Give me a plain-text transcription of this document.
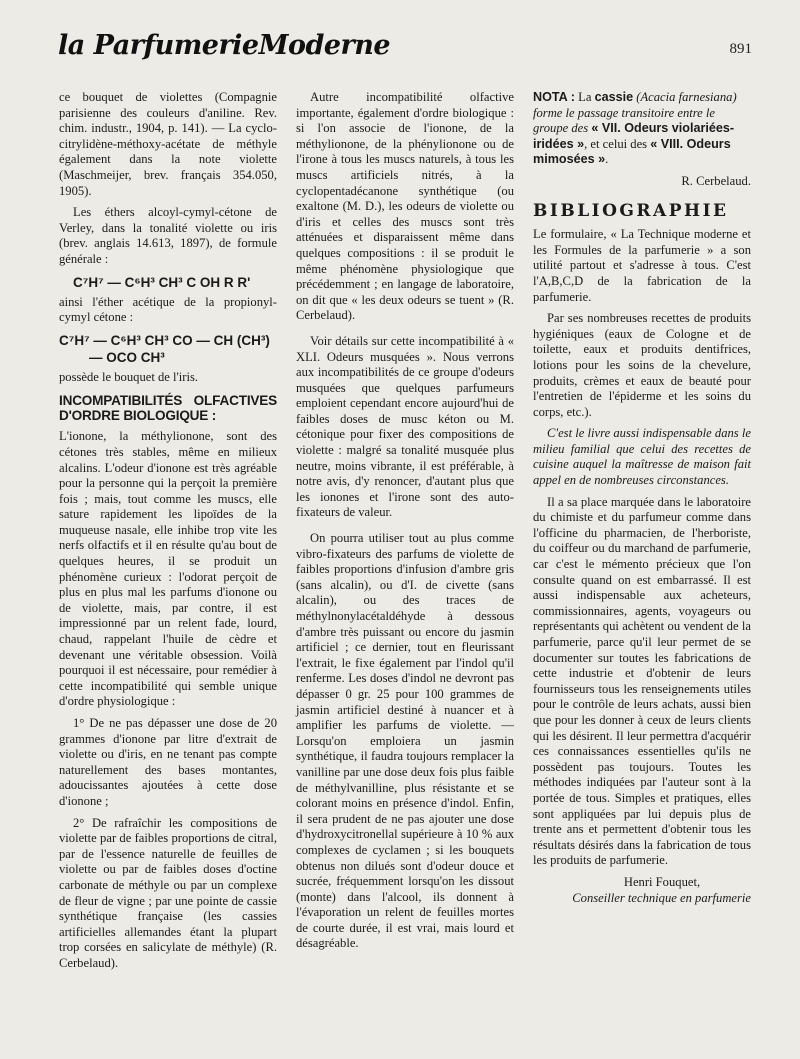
la ParfumerieModerne	891

ce bouquet de violettes (Compagnie parisienne des couleurs d'aniline. Rev. chim. industr., 1904, p. 141). — La cyclo-citrylidène-méthoxy-acétate de méthyle également dans la note violette (Maschmeijer, brev. français 354.050, 1905).

Les éthers alcoyl-cymyl-cétone de Verley, dans la tonalité violette ou iris (brev. anglais 14.613, 1897), de formule générale :

C⁷H⁷ — C⁶H³ CH³ C OH R R'

ainsi l'éther acétique de la propionyl-cymyl cétone :

C⁷H⁷ — C⁶H³ CH³ CO — CH (CH³)
— OCO CH³

possède le bouquet de l'iris.

INCOMPATIBILITÉS OLFACTIVES D'ORDRE BIOLOGIQUE :

L'ionone, la méthylionone, sont des cétones très stables, même en milieux alcalins. L'odeur d'ionone est très agréable pour la personne qui la perçoit la première fois ; mais, tout comme les muscs, elle sature rapidement les lipoïdes de la muqueuse nasale, elle inhibe trop vite les nerfs olfactifs et il en résulte qu'au bout de quelques heures, il se produit un phénomène curieux : l'odorat perçoit de plus en plus mal les parfums d'ionone ou de violette, mais, par contre, il est impressionné par un relent fade, lourd, chaud, rappelant l'huile de cèdre et devenant une véritable obsession. Voilà pourquoi il est nécessaire, pour remédier à cette incompatibilité qui semble unique d'ordre physiologique :

1° De ne pas dépasser une dose de 20 grammes d'ionone par litre d'extrait de violette ou d'iris, en ne tenant pas compte naturellement des bases montantes, adoucissantes ajoutées à cette dose d'ionone ;

2° De rafraîchir les compositions de violette par de faibles proportions de citral, par de l'essence naturelle de feuilles de violette ou par de faibles doses d'octine carbonate de méthyle ou par un complexe de fleur de vigne ; par une pointe de cassie synthétique française (les cassies artificielles allemandes étant la plupart trop corsées en salicylate de méthyle) (R. Cerbelaud).

Autre incompatibilité olfactive importante, également d'ordre biologique : si l'on associe de l'ionone, de la méthylionone, de la phénylionone ou de l'irone à tous les muscs naturels, à tous les muscs artificiels nitrés, à la cyclopentadécanone synthétique (ou exaltone (M. D.), les odeurs de violette ou d'iris et celles des muscs sont très atténuées et disparaissent même dans quelques compositions : il se produit le même phénomène physiologique que précédemment ; en langage de laboratoire, on dit que « les deux odeurs se tuent » (R. Cerbelaud).

Voir détails sur cette incompatibilité à « XLI. Odeurs musquées ». Nous verrons aux incompatibilités de ce groupe d'odeurs musquées que quelques parfumeurs emploient cependant encore aujourd'hui de faibles doses de musc kéton ou M. cétonique pour fixer des compositions de violette : malgré sa tonalité musquée plus neutre, moins vibrante, il est préférable, à notre avis, d'y renoncer, d'autant plus que les ionones et l'irone sont des auto-fixateurs de valeur.

On pourra utiliser tout au plus comme vibro-fixateurs des parfums de violette de faibles proportions d'infusion d'ambre gris (sans alcalin), ou d'I. de civette (sans alcalin), ou des traces de méthylnonylacétaldéhyde à dessous d'ambre très puissant ou encore du jasmin artificiel ; ce dernier, tout en fleurissant l'extrait, le fixe également par l'indol qu'il renferme. Les doses d'indol ne devront pas dépasser 0 gr. 25 pour 100 grammes de jasmin artificiel destiné à nuancer et à amplifier les parfums de violette. — Lorsqu'on emploiera un jasmin synthétique, il faudra toujours remplacer la vanilline par une dose deux fois plus faible de méthylvanilline, plus résistante et se colorant moins en présence d'indol. Enfin, il sera prudent de ne pas ajouter une dose d'hydroxycitronellal supérieure à 10 % aux complexes de cyclamen ; si les bouquets obtenus non dilués sont d'odeur douce et sucrée, fréquemment lorsqu'on les dissout (monte) dans l'alcool, ils donnent à l'évaporation un relent de feuilles mortes de courte durée, il est vrai, mais lourd et désagréable.

NOTA : La cassie (Acacia farnesiana) forme le passage transitoire entre le groupe des « VII. Odeurs violariées-iridées », et celui des « VIII. Odeurs mimosées ».

R. Cerbelaud.

BIBLIOGRAPHIE

Le formulaire, « La Technique moderne et les Formules de la parfumerie » a son utilité partout et s'adresse à tous. C'est l'A,B,C,D de la fabrication de la parfumerie.

Par ses nombreuses recettes de produits hygiéniques (eaux de Cologne et de toilette, eaux et produits dentifrices, lotions pour les soins de la chevelure, produits, crèmes et eaux de beauté pour l'entretien de l'épiderme et les soins du corps, etc.).

C'est le livre aussi indispensable dans le milieu familial que celui des recettes de cuisine auquel la maîtresse de maison fait appel en de nombreuses circonstances.

Il a sa place marquée dans le laboratoire du chimiste et du parfumeur comme dans l'officine du pharmacien, de l'herboriste, du coiffeur ou du marchand de parfumerie, car c'est le mémento précieux que l'on consulte quand on est embarrassé. Il est aussi indispensable aux acheteurs, commissionnaires, agents, voyageurs ou représentants qui achètent ou vendent de la parfumerie, parce qu'il leur permet de se documenter sur toutes les fabrications de cette industrie et d'obtenir de leurs fournisseurs tous les renseignements utiles pour le contrôle de leurs achats, aussi bien que pour les donner à ceux de leurs clients qui les désirent. Il leur permettra d'acquérir ces connaissances essentielles qu'ils ne possèdent pas toujours. Toutes les méthodes indiquées par l'auteur sont à la portée de tous. Simples et pratiques, elles sont appliquées par lui depuis plus de trente ans et permettent d'obtenir tous les résultats désirés dans la fabrication de tous les produits de parfumerie.

Henri Fouquet,
Conseiller technique en parfumerie
